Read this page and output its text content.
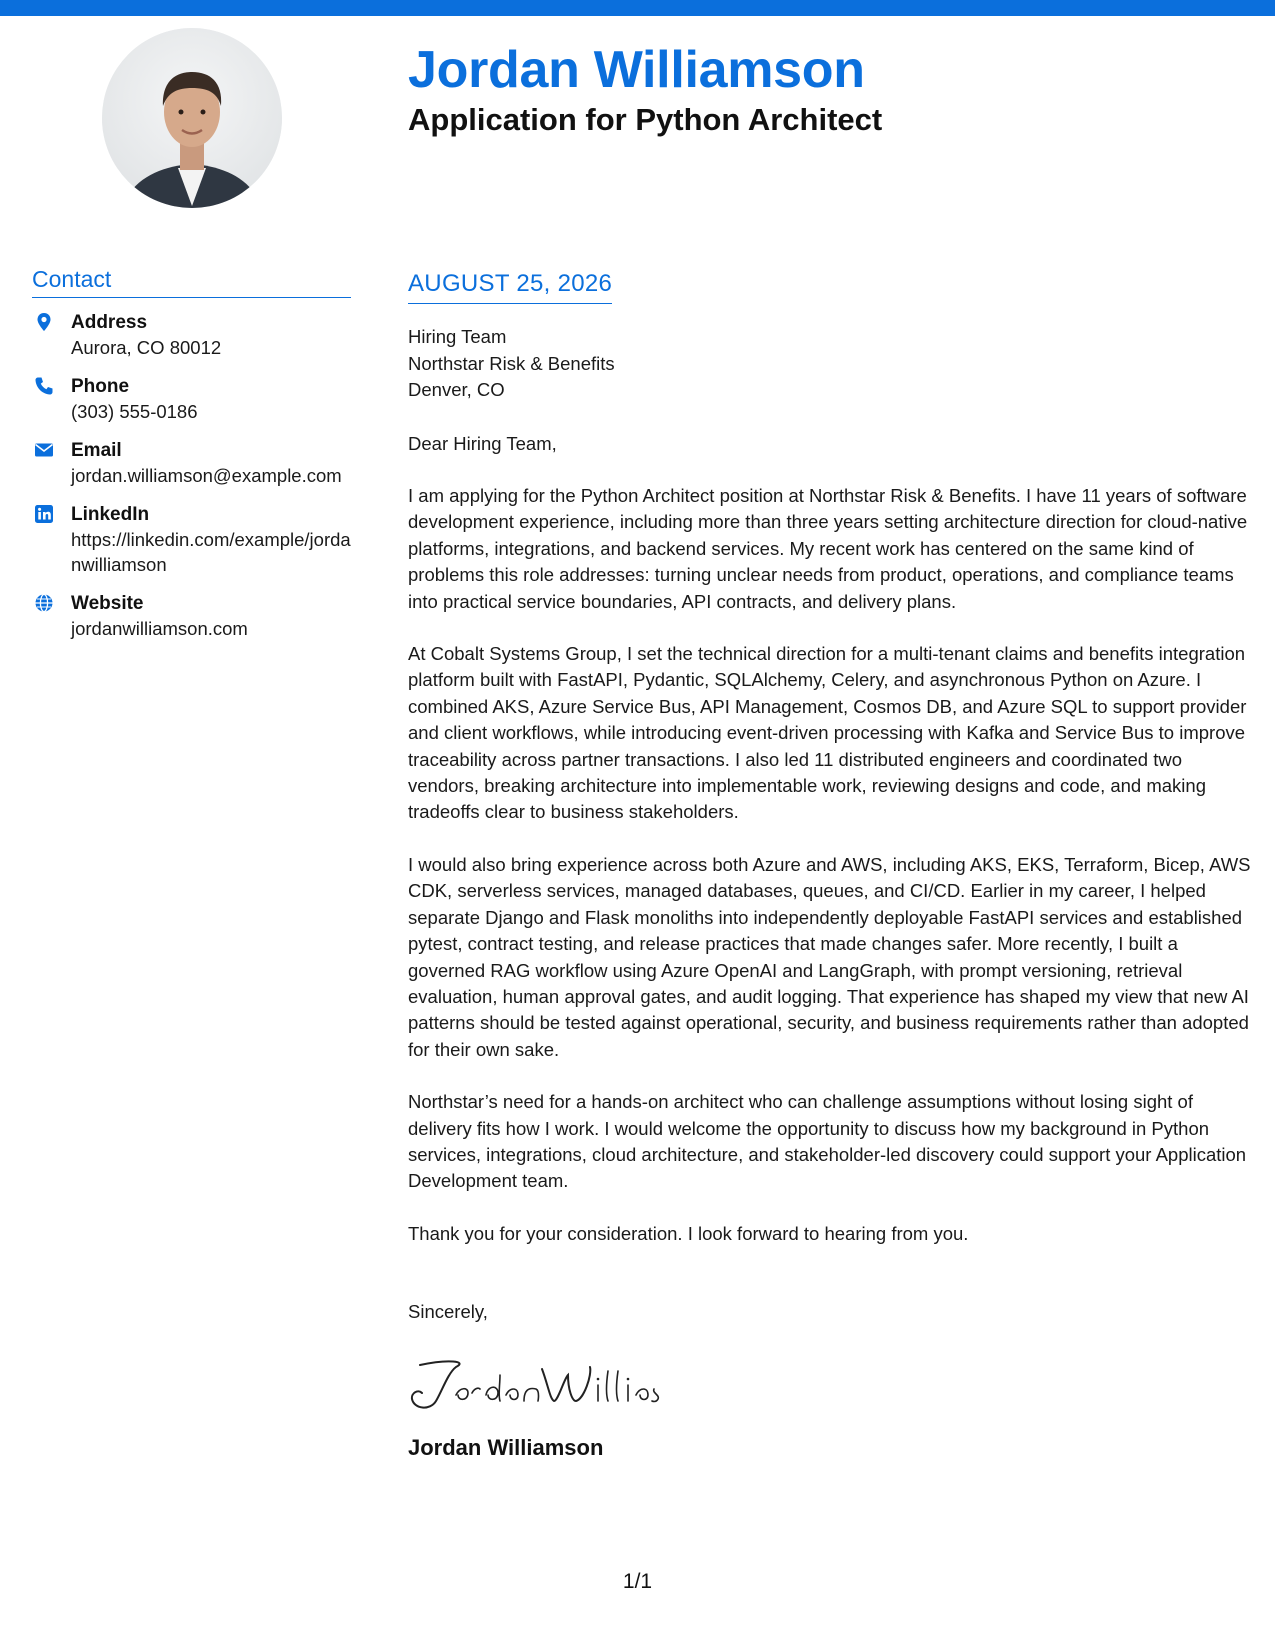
Jordan Williamson
Application for Python Architect
Contact
Address
Aurora, CO 80012
Phone
(303) 555-0186
Email
jordan.williamson@example.com
LinkedIn
https://linkedin.com/example/jordanwilliamson
Website
jordanwilliamson.com
AUGUST 25, 2026
Hiring Team
Northstar Risk & Benefits
Denver, CO
Dear Hiring Team,
I am applying for the Python Architect position at Northstar Risk & Benefits. I have 11 years of software development experience, including more than three years setting architecture direction for cloud-native platforms, integrations, and backend services. My recent work has centered on the same kind of problems this role addresses: turning unclear needs from product, operations, and compliance teams into practical service boundaries, API contracts, and delivery plans.
At Cobalt Systems Group, I set the technical direction for a multi-tenant claims and benefits integration platform built with FastAPI, Pydantic, SQLAlchemy, Celery, and asynchronous Python on Azure. I combined AKS, Azure Service Bus, API Management, Cosmos DB, and Azure SQL to support provider and client workflows, while introducing event-driven processing with Kafka and Service Bus to improve traceability across partner transactions. I also led 11 distributed engineers and coordinated two vendors, breaking architecture into implementable work, reviewing designs and code, and making tradeoffs clear to business stakeholders.
I would also bring experience across both Azure and AWS, including AKS, EKS, Terraform, Bicep, AWS CDK, serverless services, managed databases, queues, and CI/CD. Earlier in my career, I helped separate Django and Flask monoliths into independently deployable FastAPI services and established pytest, contract testing, and release practices that made changes safer. More recently, I built a governed RAG workflow using Azure OpenAI and LangGraph, with prompt versioning, retrieval evaluation, human approval gates, and audit logging. That experience has shaped my view that new AI patterns should be tested against operational, security, and business requirements rather than adopted for their own sake.
Northstar’s need for a hands-on architect who can challenge assumptions without losing sight of delivery fits how I work. I would welcome the opportunity to discuss how my background in Python services, integrations, cloud architecture, and stakeholder-led discovery could support your Application Development team.
Thank you for your consideration. I look forward to hearing from you.
Sincerely,
Jordan Williamson
1/1
